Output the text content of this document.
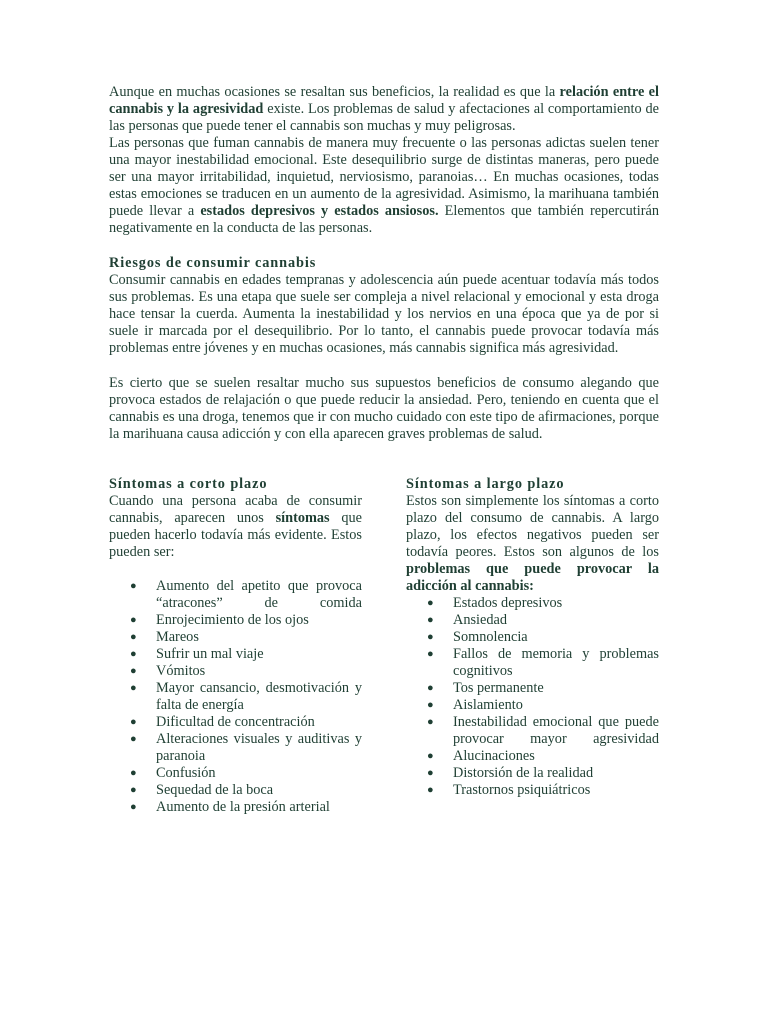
Aunque en muchas ocasiones se resaltan sus beneficios, la realidad es que la relación entre el cannabis y la agresividad existe. Los problemas de salud y afectaciones al comportamiento de las personas que puede tener el cannabis son muchas y muy peligrosas.

Las personas que fuman cannabis de manera muy frecuente o las personas adictas suelen tener una mayor inestabilidad emocional. Este desequilibrio surge de distintas maneras, pero puede ser una mayor irritabilidad, inquietud, nerviosismo, paranoias… En muchas ocasiones, todas estas emociones se traducen en un aumento de la agresividad. Asimismo, la marihuana también puede llevar a estados depresivos y estados ansiosos. Elementos que también repercutirán negativamente en la conducta de las personas.

Riesgos de consumir cannabis

Consumir cannabis en edades tempranas y adolescencia aún puede acentuar todavía más todos sus problemas. Es una etapa que suele ser compleja a nivel relacional y emocional y esta droga hace tensar la cuerda. Aumenta la inestabilidad y los nervios en una época que ya de por si suele ir marcada por el desequilibrio. Por lo tanto, el cannabis puede provocar todavía más problemas entre jóvenes y en muchas ocasiones, más cannabis significa más agresividad.

Es cierto que se suelen resaltar mucho sus supuestos beneficios de consumo alegando que provoca estados de relajación o que puede reducir la ansiedad. Pero, teniendo en cuenta que el cannabis es una droga, tenemos que ir con mucho cuidado con este tipo de afirmaciones, porque la marihuana causa adicción y con ella aparecen graves problemas de salud.

Síntomas a corto plazo

Cuando una persona acaba de consumir cannabis, aparecen unos síntomas que pueden hacerlo todavía más evidente. Estos pueden ser:

● Aumento del apetito que provoca “atracones” de comida
● Enrojecimiento de los ojos
● Mareos
● Sufrir un mal viaje
● Vómitos
● Mayor cansancio, desmotivación y falta de energía
● Dificultad de concentración
● Alteraciones visuales y auditivas y paranoia
● Confusión
● Sequedad de la boca
● Aumento de la presión arterial
Síntomas a largo plazo

Estos son simplemente los síntomas a corto plazo del consumo de cannabis. A largo plazo, los efectos negativos pueden ser todavía peores. Estos son algunos de los problemas que puede provocar la adicción al cannabis:

● Estados depresivos
● Ansiedad
● Somnolencia
● Fallos de memoria y problemas cognitivos
● Tos permanente
● Aislamiento
● Inestabilidad emocional que puede provocar mayor agresividad
● Alucinaciones
● Distorsión de la realidad
● Trastornos psiquiátricos
